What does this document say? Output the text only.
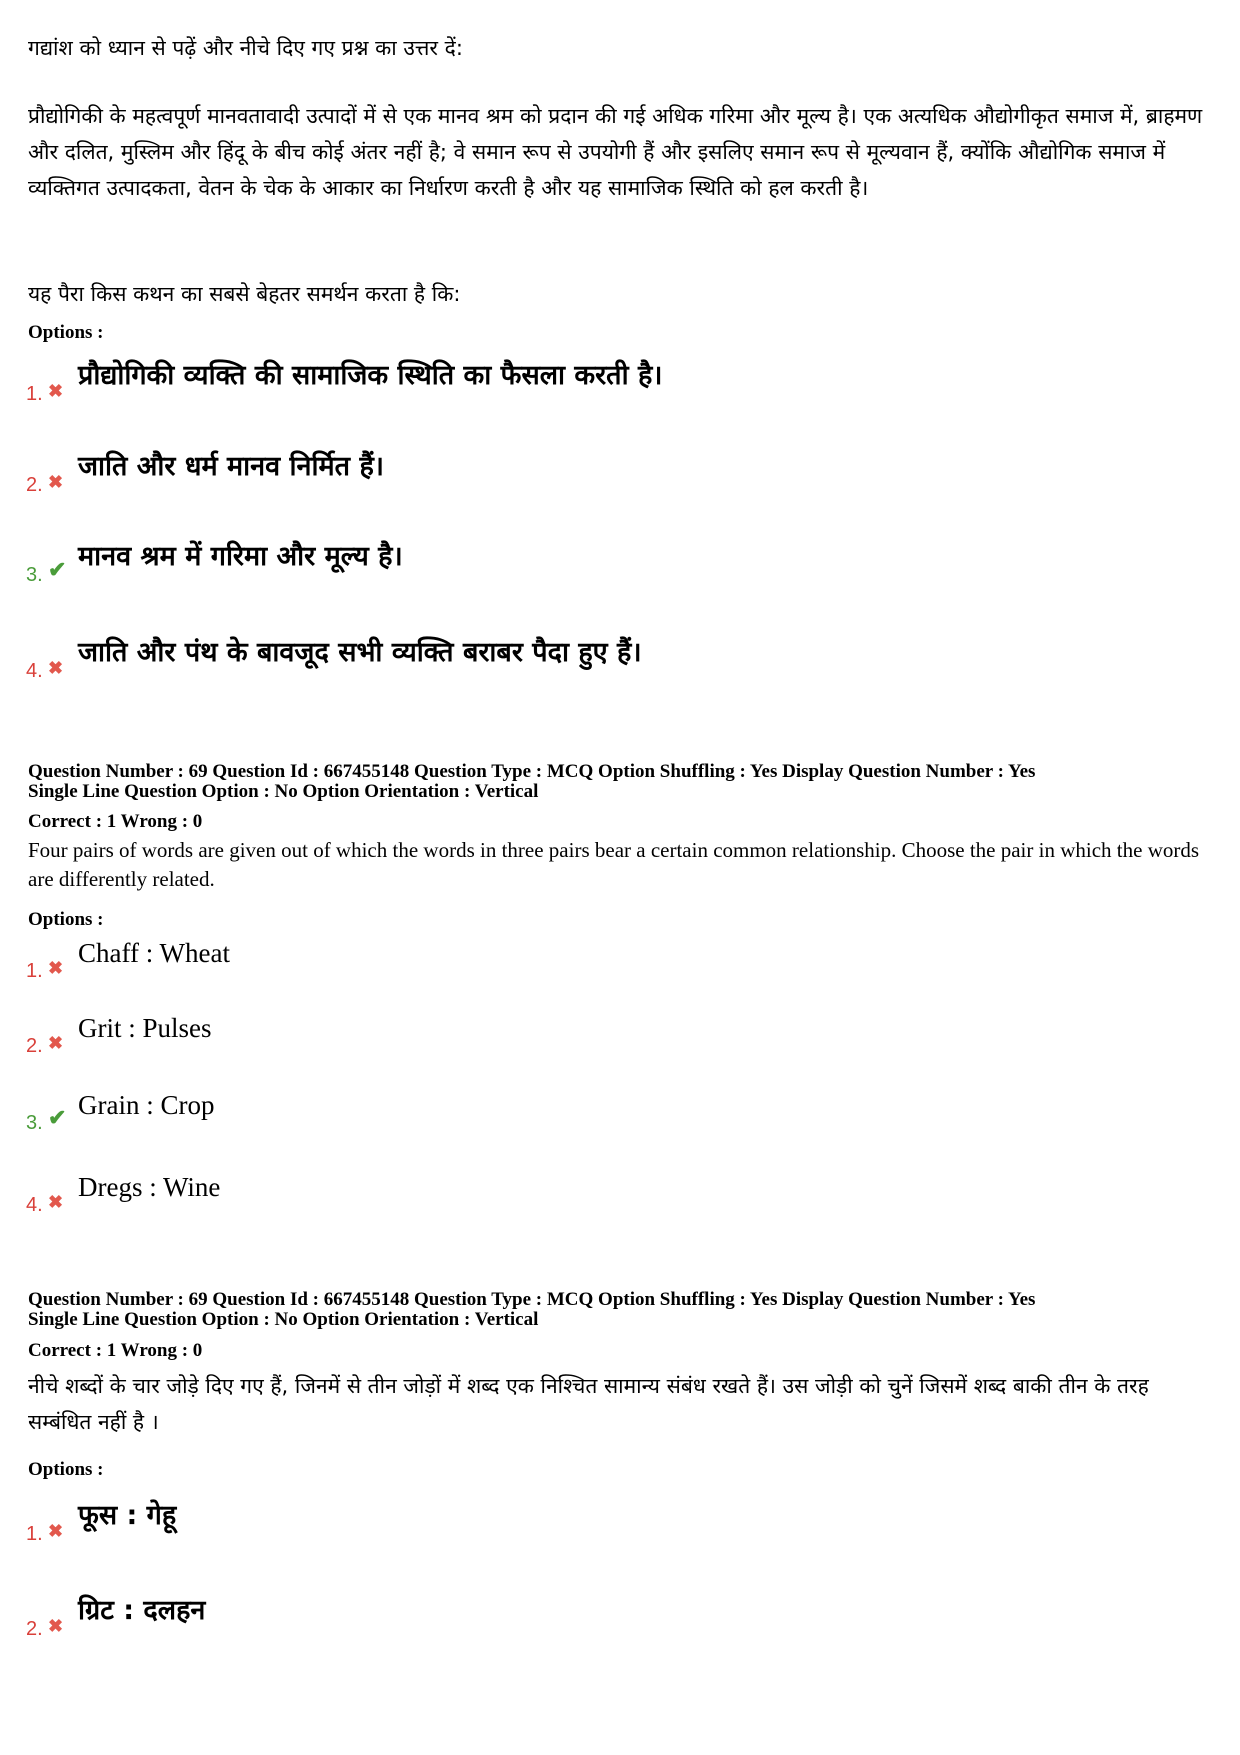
गद्यांश को ध्यान से पढ़ें और नीचे दिए गए प्रश्न का उत्तर दें:
प्रौद्योगिकी के महत्वपूर्ण मानवतावादी उत्पादों में से एक मानव श्रम को प्रदान की गई अधिक गरिमा और मूल्य है। एक अत्यधिक औद्योगीकृत समाज में, ब्राहमण और दलित, मुस्लिम और हिंदू के बीच कोई अंतर नहीं है; वे समान रूप से उपयोगी हैं और इसलिए समान रूप से मूल्यवान हैं, क्योंकि औद्योगिक समाज में व्यक्तिगत उत्पादकता, वेतन के चेक के आकार का निर्धारण करती है और यह सामाजिक स्थिति को हल करती है।
यह पैरा किस कथन का सबसे बेहतर समर्थन करता है कि:
Options :
1. ✖ प्रौद्योगिकी व्यक्ति की सामाजिक स्थिति का फैसला करती है।
2. ✖ जाति और धर्म मानव निर्मित हैं।
3. ✔ मानव श्रम में गरिमा और मूल्य है।
4. ✖ जाति और पंथ के बावजूद सभी व्यक्ति बराबर पैदा हुए हैं।
Question Number : 69 Question Id : 667455148 Question Type : MCQ Option Shuffling : Yes Display Question Number : Yes
Single Line Question Option : No Option Orientation : Vertical
Correct : 1 Wrong : 0
Four pairs of words are given out of which the words in three pairs bear a certain common relationship. Choose the pair in which the words are differently related.
Options :
1. ✖ Chaff : Wheat
2. ✖ Grit : Pulses
3. ✔ Grain : Crop
4. ✖ Dregs : Wine
Question Number : 69 Question Id : 667455148 Question Type : MCQ Option Shuffling : Yes Display Question Number : Yes
Single Line Question Option : No Option Orientation : Vertical
Correct : 1 Wrong : 0
नीचे शब्दों के चार जोड़े दिए गए हैं, जिनमें से तीन जोड़ों में शब्द एक निश्चित सामान्य संबंध रखते हैं। उस जोड़ी को चुनें जिसमें शब्द बाकी तीन के तरह सम्बंधित नहीं है ।
Options :
1. ✖ फूस : गेहू
2. ✖ ग्रिट : दलहन
